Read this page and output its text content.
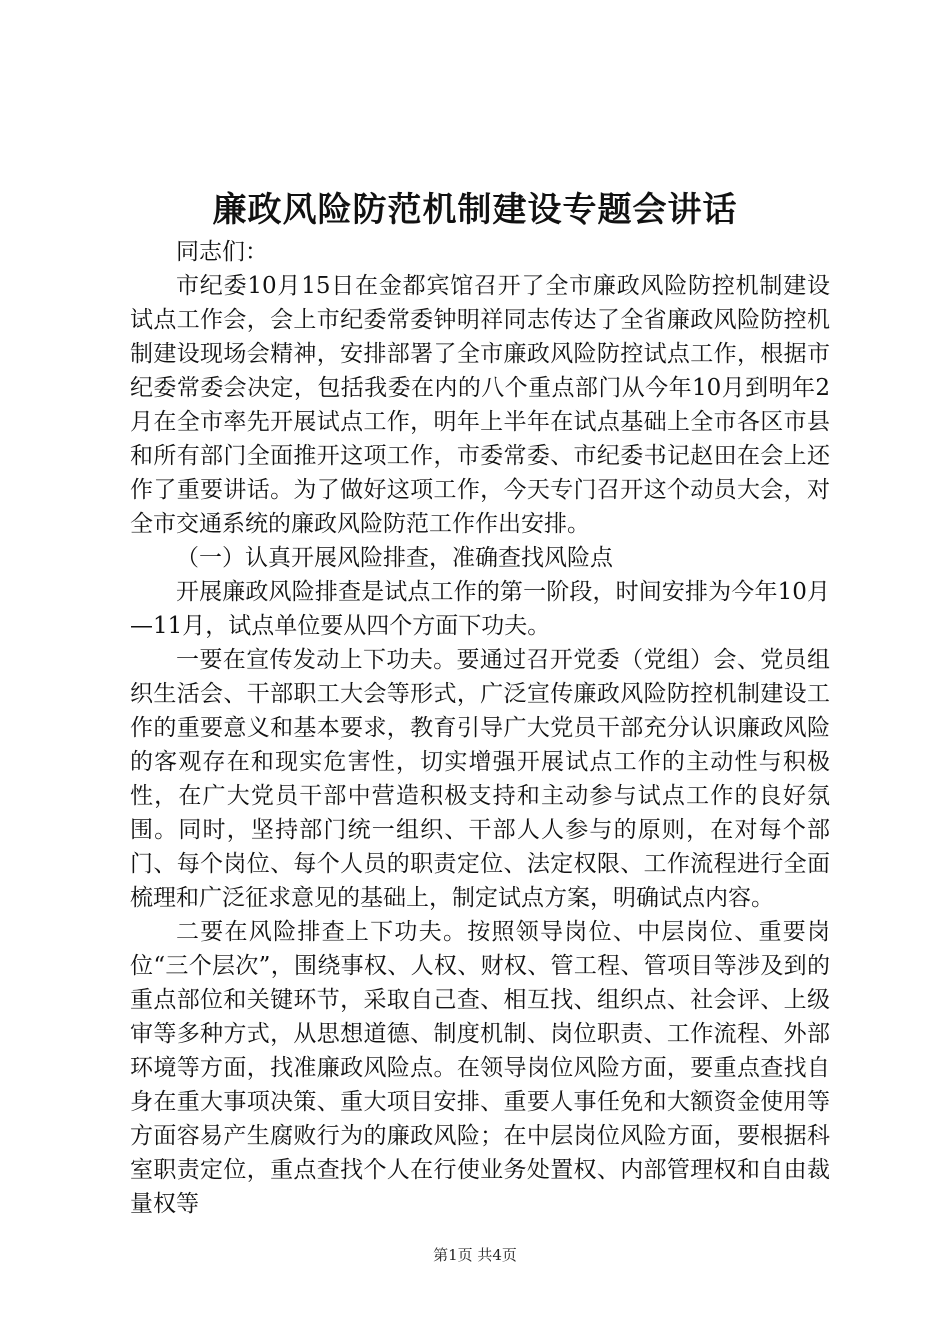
廉政风险防范机制建设专题会讲话

同志们：

市纪委10月15日在金都宾馆召开了全市廉政风险防控机制建设试点工作会，会上市纪委常委钟明祥同志传达了全省廉政风险防控机制建设现场会精神，安排部署了全市廉政风险防控试点工作，根据市纪委常委会决定，包括我委在内的八个重点部门从今年10月到明年2月在全市率先开展试点工作，明年上半年在试点基础上全市各区市县和所有部门全面推开这项工作，市委常委、市纪委书记赵田在会上还作了重要讲话。为了做好这项工作，今天专门召开这个动员大会，对全市交通系统的廉政风险防范工作作出安排。

（一）认真开展风险排查，准确查找风险点

开展廉政风险排查是试点工作的第一阶段，时间安排为今年10月—11月，试点单位要从四个方面下功夫。

一要在宣传发动上下功夫。要通过召开党委（党组）会、党员组织生活会、干部职工大会等形式，广泛宣传廉政风险防控机制建设工作的重要意义和基本要求，教育引导广大党员干部充分认识廉政风险的客观存在和现实危害性，切实增强开展试点工作的主动性与积极性，在广大党员干部中营造积极支持和主动参与试点工作的良好氛围。同时，坚持部门统一组织、干部人人参与的原则，在对每个部门、每个岗位、每个人员的职责定位、法定权限、工作流程进行全面梳理和广泛征求意见的基础上，制定试点方案，明确试点内容。

二要在风险排查上下功夫。按照领导岗位、中层岗位、重要岗位“三个层次”，围绕事权、人权、财权、管工程、管项目等涉及到的重点部位和关键环节，采取自己查、相互找、组织点、社会评、上级审等多种方式，从思想道德、制度机制、岗位职责、工作流程、外部环境等方面，找准廉政风险点。在领导岗位风险方面，要重点查找自身在重大事项决策、重大项目安排、重要人事任免和大额资金使用等方面容易产生腐败行为的廉政风险；在中层岗位风险方面，要根据科室职责定位，重点查找个人在行使业务处置权、内部管理权和自由裁量权等

第1页 共4页
